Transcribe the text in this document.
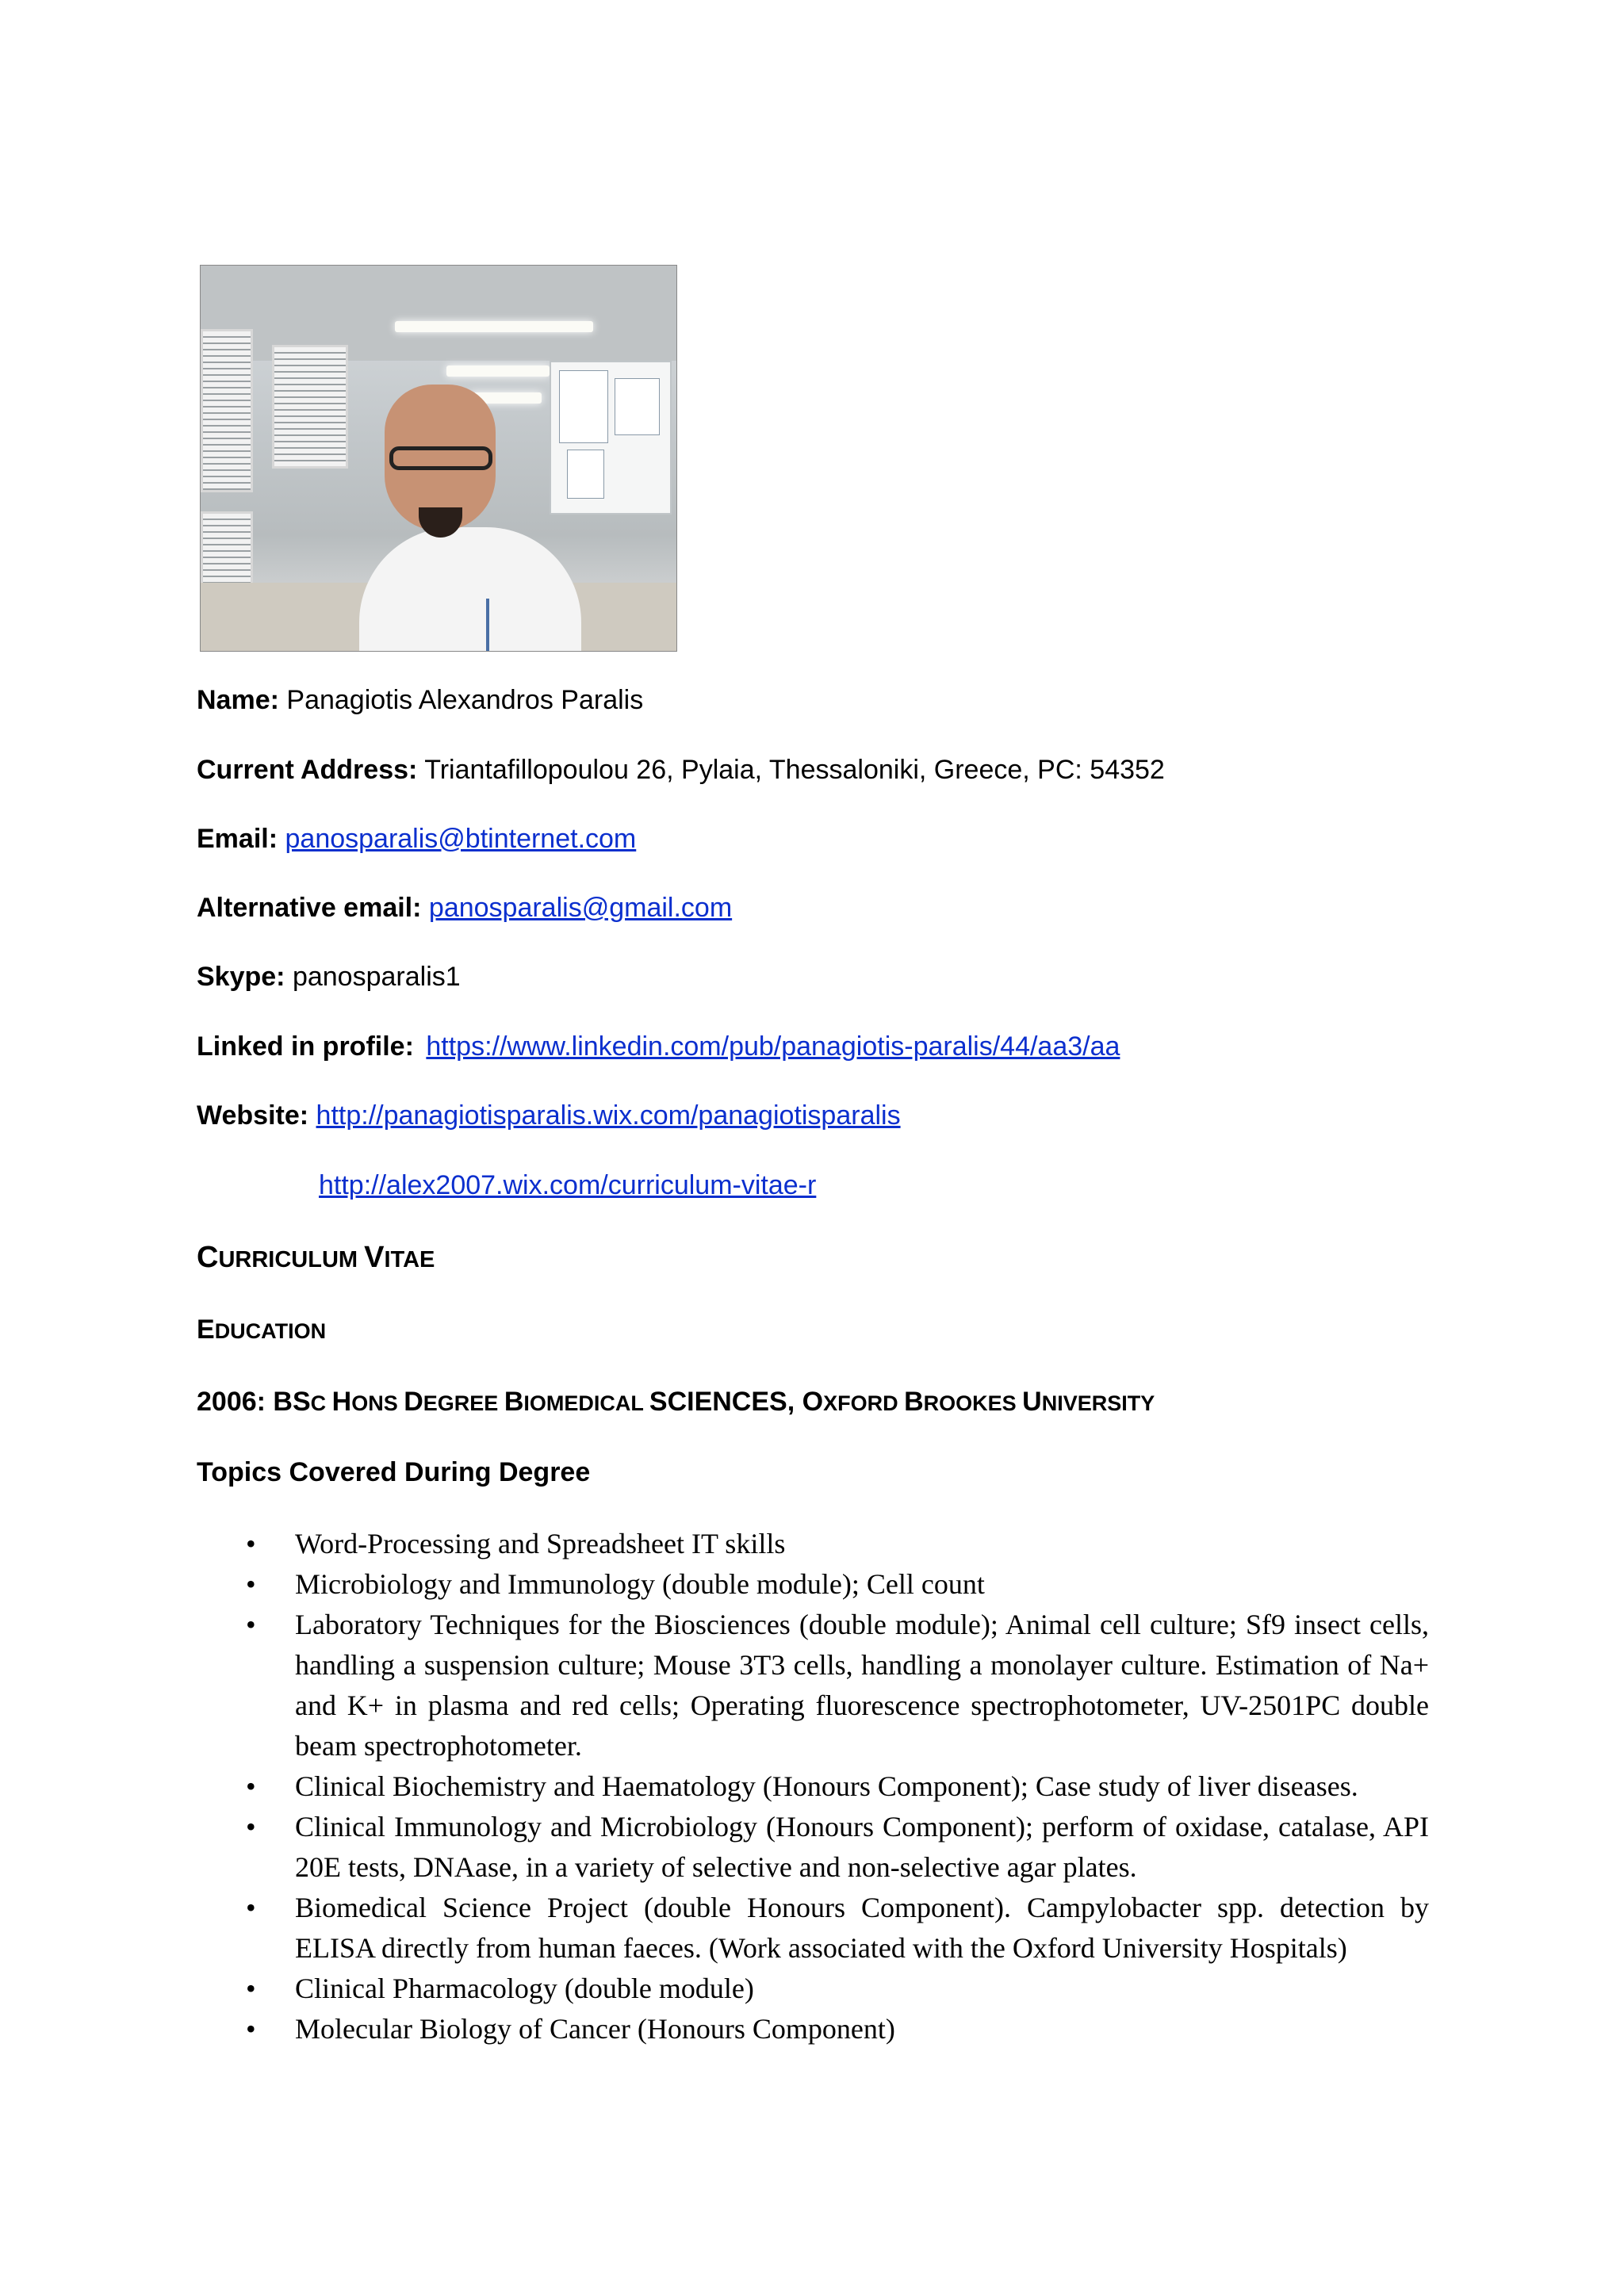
Name: Panagiotis Alexandros Paralis
Current Address: Triantafillopoulou 26, Pylaia, Thessaloniki, Greece, PC: 54352
Email: panosparalis@btinternet.com
Alternative email: panosparalis@gmail.com
Skype: panosparalis1
Linked in profile: https://www.linkedin.com/pub/panagiotis-paralis/44/aa3/aa
Website: http://panagiotisparalis.wix.com/panagiotisparalis
http://alex2007.wix.com/curriculum-vitae-r
CURRICULUM VITAE
EDUCATION
2006: BSC HONS DEGREE BIOMEDICAL SCIENCES, OXFORD BROOKES UNIVERSITY
Topics Covered During Degree
• Word-Processing and Spreadsheet IT skills
• Microbiology and Immunology (double module); Cell count
• Laboratory Techniques for the Biosciences (double module); Animal cell culture; Sf9 insect cells, handling a suspension culture; Mouse 3T3 cells, handling a monolayer culture. Estimation of Na+ and K+ in plasma and red cells; Operating fluorescence spectrophotometer, UV-2501PC double beam spectrophotometer.
• Clinical Biochemistry and Haematology (Honours Component); Case study of liver diseases.
• Clinical Immunology and Microbiology (Honours Component); perform of oxidase, catalase, API 20E tests, DNAase, in a variety of selective and non-selective agar plates.
• Biomedical Science Project (double Honours Component). Campylobacter spp. detection by ELISA directly from human faeces. (Work associated with the Oxford University Hospitals)
• Clinical Pharmacology (double module)
• Molecular Biology of Cancer (Honours Component)
